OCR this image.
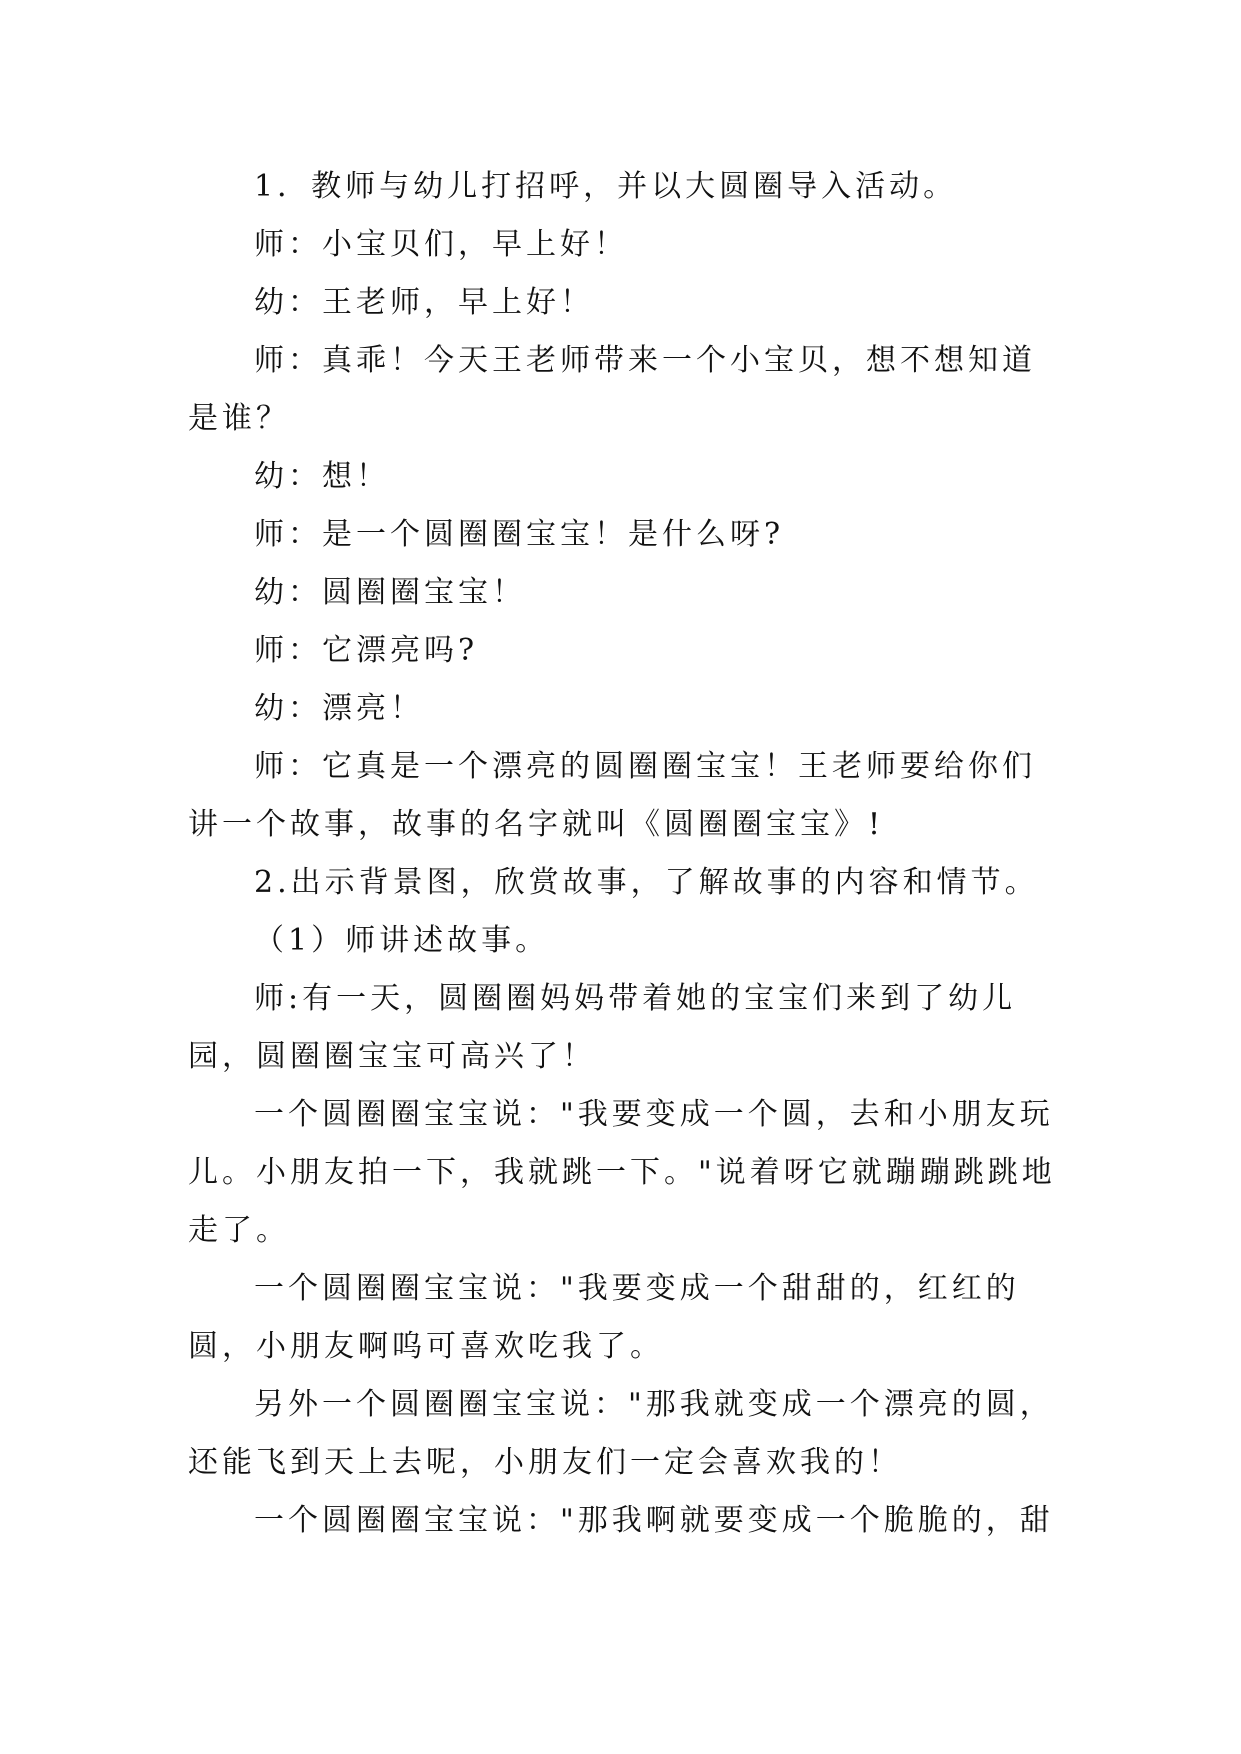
1．教师与幼儿打招呼，并以大圆圈导入活动。

师：小宝贝们，早上好！

幼：王老师，早上好！

师：真乖！今天王老师带来一个小宝贝，想不想知道是谁？

幼：想！

师：是一个圆圈圈宝宝！是什么呀?

幼：圆圈圈宝宝！

师：它漂亮吗?

幼：漂亮！

师：它真是一个漂亮的圆圈圈宝宝！王老师要给你们讲一个故事，故事的名字就叫《圆圈圈宝宝》!

2.出示背景图，欣赏故事，了解故事的内容和情节。

（1）师讲述故事。

师:有一天，圆圈圈妈妈带着她的宝宝们来到了幼儿园，圆圈圈宝宝可高兴了！

一个圆圈圈宝宝说："我要变成一个圆，去和小朋友玩儿。小朋友拍一下，我就跳一下。"说着呀它就蹦蹦跳跳地走了。

一个圆圈圈宝宝说："我要变成一个甜甜的，红红的圆，小朋友啊呜可喜欢吃我了。

另外一个圆圈圈宝宝说："那我就变成一个漂亮的圆，还能飞到天上去呢，小朋友们一定会喜欢我的！

一个圆圈圈宝宝说："那我啊就要变成一个脆脆的，甜
